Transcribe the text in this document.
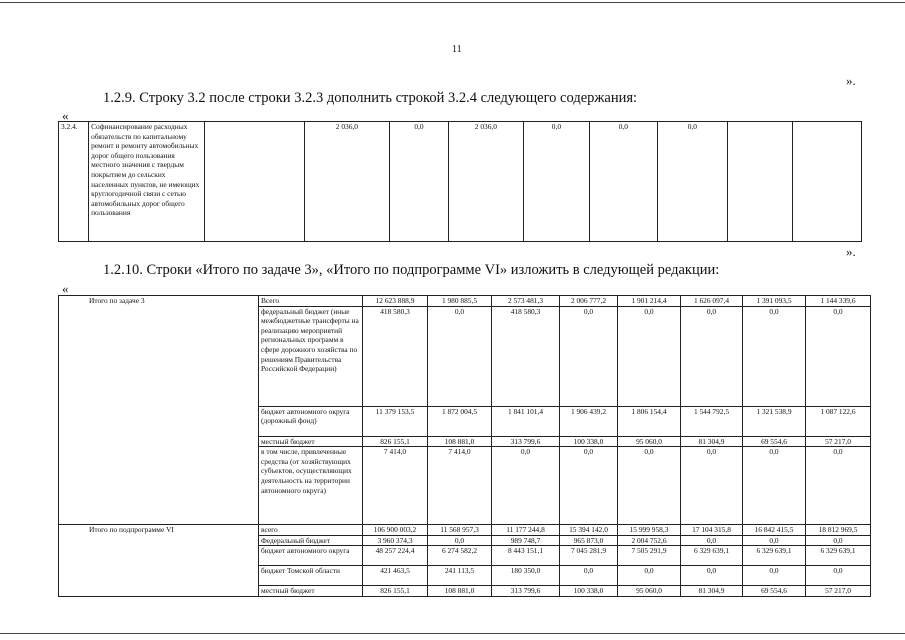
11
».
1.2.9. Строку 3.2 после строки 3.2.3 дополнить строкой 3.2.4 следующего содержания:
«
3.2.4.	Софинансирование расходных обязательств по капитальному ремонт и ремонту автомобильных дорог общего пользования местного значения с твердым покрытием до сельских населенных пунктов, не имеющих круглогодичной связи с сетью автомобильных дорог общего пользования		2 036,0	0,0	2 036,0	0,0	0,0	0,0		
».
1.2.10. Строки «Итого по задаче 3», «Итого по подпрограмме VI» изложить в следующей редакции:
«
Итого по задаче 3	Всего	12 623 888,9	1 980 885,5	2 573 481,3	2 006 777,2	1 901 214,4	1 626 097,4	1 391 093,5	1 144 339,6
	федеральный бюджет (иные межбюджетные трансферты на реализацию мероприятий региональных программ в сфере дорожного хозяйства по решениям Правительства Российской Федерации)	418 580,3	0,0	418 580,3	0,0	0,0	0,0	0,0	0,0
	бюджет автономного округа (дорожный фонд)	11 379 153,5	1 872 004,5	1 841 101,4	1 906 439,2	1 806 154,4	1 544 792,5	1 321 538,9	1 087 122,6
	местный бюджет	826 155,1	108 881,0	313 799,6	100 338,0	95 060,0	81 304,9	69 554,6	57 217,0
	в том числе, привлеченные средства (от хозяйствующих субъектов, осуществляющих деятельность на территории автономного округа)	7 414,0	7 414,0	0,0	0,0	0,0	0,0	0,0	0,0
Итого по подпрограмме VI	всего	106 900 003,2	11 568 957,3	11 177 244,8	15 394 142,0	15 999 958,3	17 104 315,8	16 842 415,5	18 812 969,5
	Федеральный бюджет	3 960 374,3	0,0	989 748,7	965 873,0	2 004 752,6	0,0	0,0	0,0
	бюджет автономного округа	48 257 224,4	6 274 582,2	8 443 151,1	7 045 281,9	7 505 291,9	6 329 639,1	6 329 639,1	6 329 639,1
	бюджет Томской области	421 463,5	241 113,5	180 350,0	0,0	0,0	0,0	0,0	0,0
	местный бюджет	826 155,1	108 881,0	313 799,6	100 338,0	95 060,0	81 304,9	69 554,6	57 217,0
